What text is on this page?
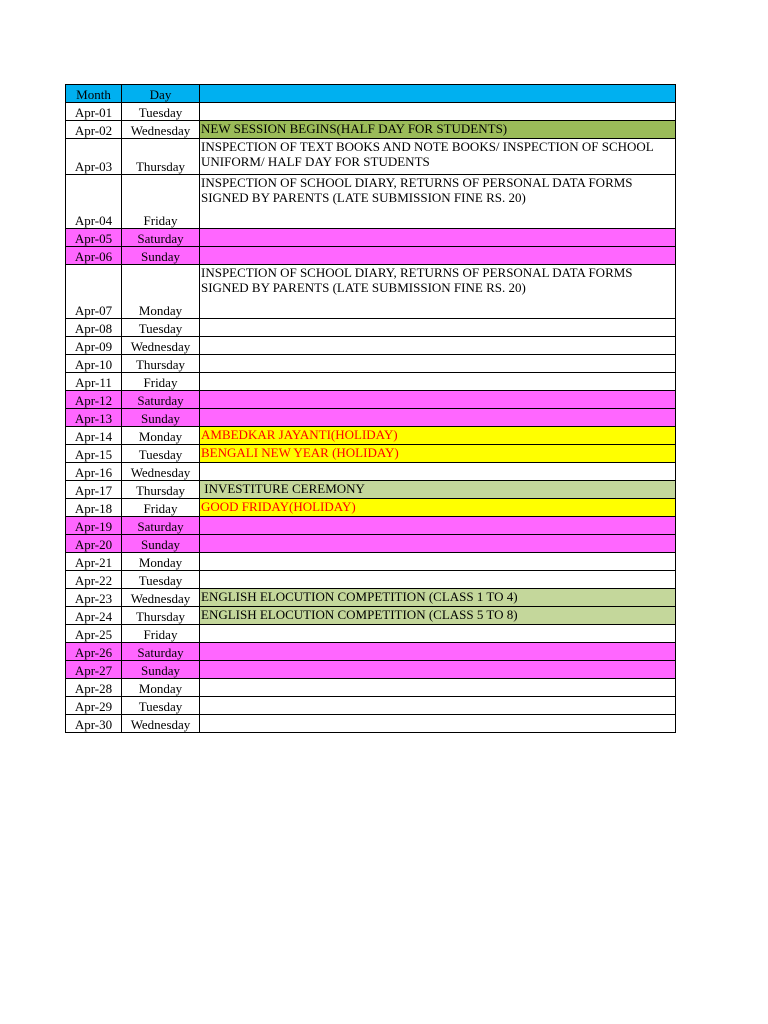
Month	Day	
Apr-01	Tuesday	
Apr-02	Wednesday	NEW SESSION BEGINS(HALF DAY FOR STUDENTS)
Apr-03	Thursday	INSPECTION OF TEXT BOOKS AND NOTE BOOKS/ INSPECTION OF SCHOOL UNIFORM/ HALF DAY FOR STUDENTS
Apr-04	Friday	INSPECTION OF SCHOOL DIARY, RETURNS OF PERSONAL DATA FORMS SIGNED BY PARENTS (LATE SUBMISSION FINE RS. 20)
Apr-05	Saturday	
Apr-06	Sunday	
Apr-07	Monday	INSPECTION OF SCHOOL DIARY, RETURNS OF PERSONAL DATA FORMS SIGNED BY PARENTS (LATE SUBMISSION FINE RS. 20)
Apr-08	Tuesday	
Apr-09	Wednesday	
Apr-10	Thursday	
Apr-11	Friday	
Apr-12	Saturday	
Apr-13	Sunday	
Apr-14	Monday	AMBEDKAR JAYANTI(HOLIDAY)
Apr-15	Tuesday	BENGALI NEW YEAR (HOLIDAY)
Apr-16	Wednesday	
Apr-17	Thursday	INVESTITURE CEREMONY
Apr-18	Friday	GOOD FRIDAY(HOLIDAY)
Apr-19	Saturday	
Apr-20	Sunday	
Apr-21	Monday	
Apr-22	Tuesday	
Apr-23	Wednesday	ENGLISH ELOCUTION COMPETITION (CLASS 1 TO 4)
Apr-24	Thursday	ENGLISH ELOCUTION COMPETITION (CLASS 5 TO 8)
Apr-25	Friday	
Apr-26	Saturday	
Apr-27	Sunday	
Apr-28	Monday	
Apr-29	Tuesday	
Apr-30	Wednesday	
